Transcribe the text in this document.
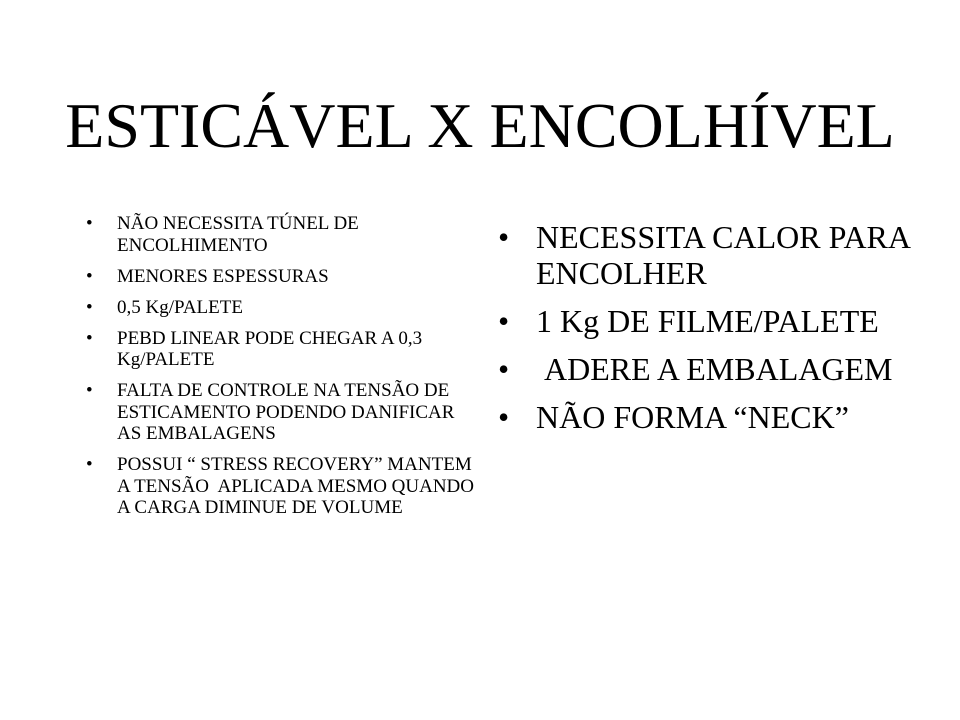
ESTICÁVEL X ENCOLHÍVEL
• NÃO NECESSITA TÚNEL DE ENCOLHIMENTO
• MENORES ESPESSURAS
• 0,5 Kg/PALETE
• PEBD LINEAR PODE CHEGAR A 0,3 Kg/PALETE
• FALTA DE CONTROLE NA TENSÃO DE ESTICAMENTO PODENDO DANIFICAR AS EMBALAGENS
• POSSUI “ STRESS RECOVERY” MANTEM A TENSÃO  APLICADA MESMO QUANDO A CARGA DIMINUE DE VOLUME
• NECESSITA CALOR PARA ENCOLHER
• 1 Kg DE FILME/PALETE
• ADERE A EMBALAGEM
• NÃO FORMA “NECK”
